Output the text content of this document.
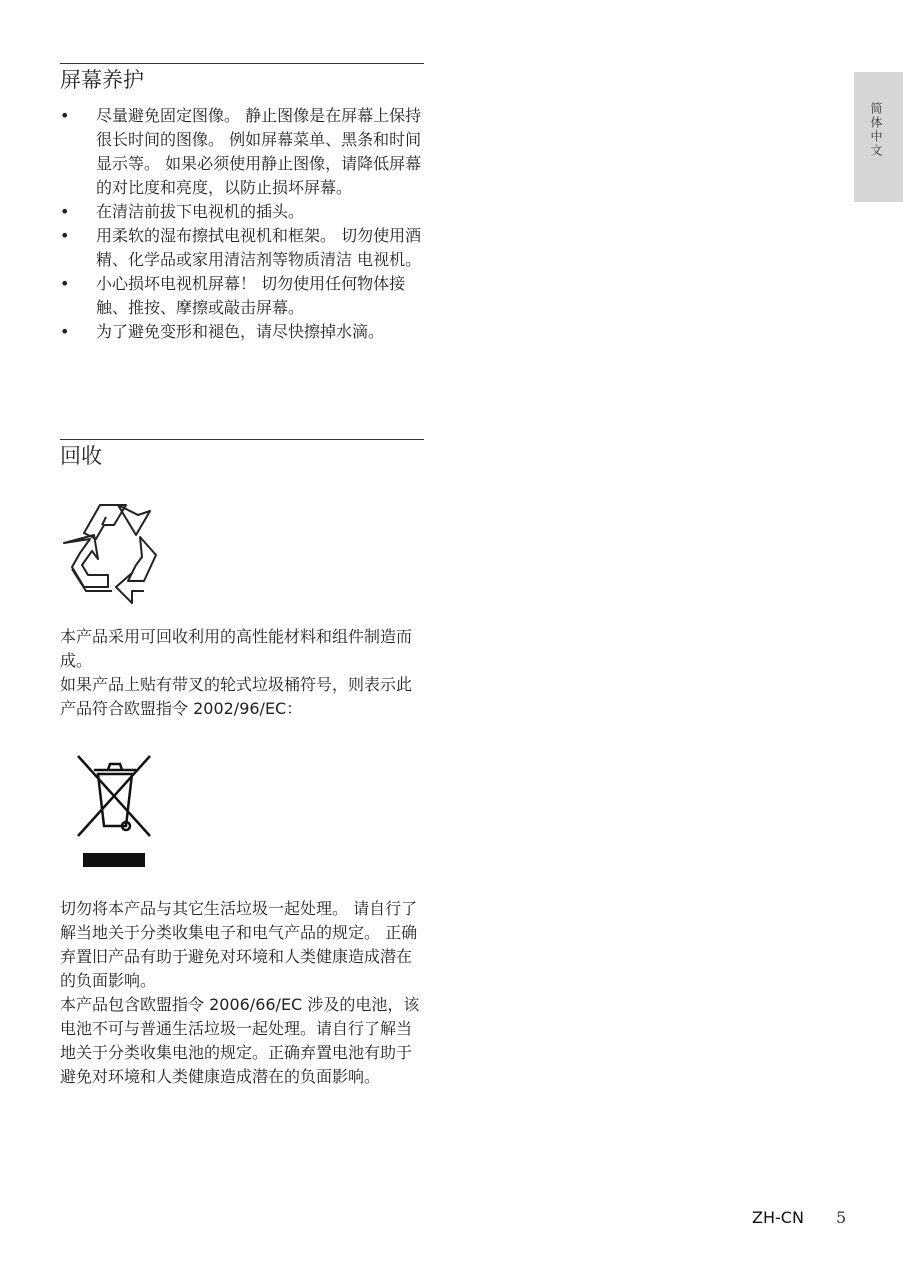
简体中文
屏幕养护
• 尽量避免固定图像。 静止图像是在屏幕上保持很长时间的图像。 例如屏幕菜单、黑条和时间显示等。 如果必须使用静止图像，请降低屏幕的对比度和亮度，以防止损坏屏幕。
• 在清洁前拔下电视机的插头。
• 用柔软的湿布擦拭电视机和框架。 切勿使用酒精、化学品或家用清洁剂等物质清洁 电视机。
• 小心损坏电视机屏幕！ 切勿使用任何物体接触、推按、摩擦或敲击屏幕。
• 为了避免变形和褪色，请尽快擦掉水滴。
回收

本产品采用可回收利用的高性能材料和组件制造而成。

如果产品上贴有带叉的轮式垃圾桶符号，则表示此产品符合欧盟指令 2002/96/EC：

切勿将本产品与其它生活垃圾一起处理。 请自行了解当地关于分类收集电子和电气产品的规定。 正确弃置旧产品有助于避免对环境和人类健康造成潜在的负面影响。

本产品包含欧盟指令 2006/66/EC 涉及的电池，该电池不可与普通生活垃圾一起处理。请自行了解当地关于分类收集电池的规定。正确弃置电池有助于避免对环境和人类健康造成潜在的负面影响。

ZH-CN 5
